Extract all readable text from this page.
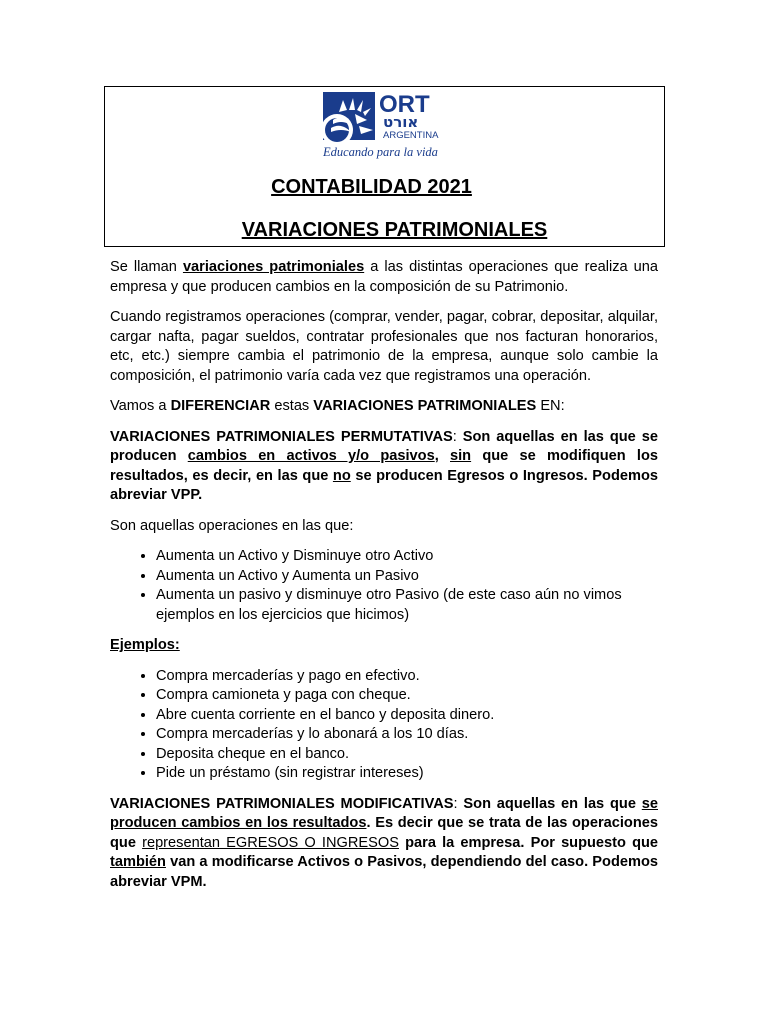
ORT
אורט
ARGENTINA
Educando para la vida
CONTABILIDAD 2021
VARIACIONES PATRIMONIALES

Se llaman variaciones patrimoniales a las distintas operaciones que realiza una empresa y que producen cambios en la composición de su Patrimonio.

Cuando registramos operaciones (comprar, vender, pagar, cobrar, depositar, alquilar, cargar nafta, pagar sueldos, contratar profesionales que nos facturan honorarios, etc, etc.) siempre cambia el patrimonio de la empresa, aunque solo cambie la composición, el patrimonio varía cada vez que registramos una operación.

Vamos a DIFERENCIAR estas VARIACIONES PATRIMONIALES EN:

VARIACIONES PATRIMONIALES PERMUTATIVAS: Son aquellas en las que se producen cambios en activos y/o pasivos, sin que se modifiquen los resultados, es decir, en las que no se producen Egresos o Ingresos. Podemos abreviar VPP.

Son aquellas operaciones en las que:

• Aumenta un Activo y Disminuye otro Activo
• Aumenta un Activo y Aumenta un Pasivo
• Aumenta un pasivo y disminuye otro Pasivo (de este caso aún no vimos ejemplos en los ejercicios que hicimos)

Ejemplos:

• Compra mercaderías y pago en efectivo.
• Compra camioneta y paga con cheque.
• Abre cuenta corriente en el banco y deposita dinero.
• Compra mercaderías y lo abonará a los 10 días.
• Deposita cheque en el banco.
• Pide un préstamo (sin registrar intereses)

VARIACIONES PATRIMONIALES MODIFICATIVAS: Son aquellas en las que se producen cambios en los resultados. Es decir que se trata de las operaciones que representan EGRESOS O INGRESOS para la empresa. Por supuesto que también van a modificarse Activos o Pasivos, dependiendo del caso. Podemos abreviar VPM.
